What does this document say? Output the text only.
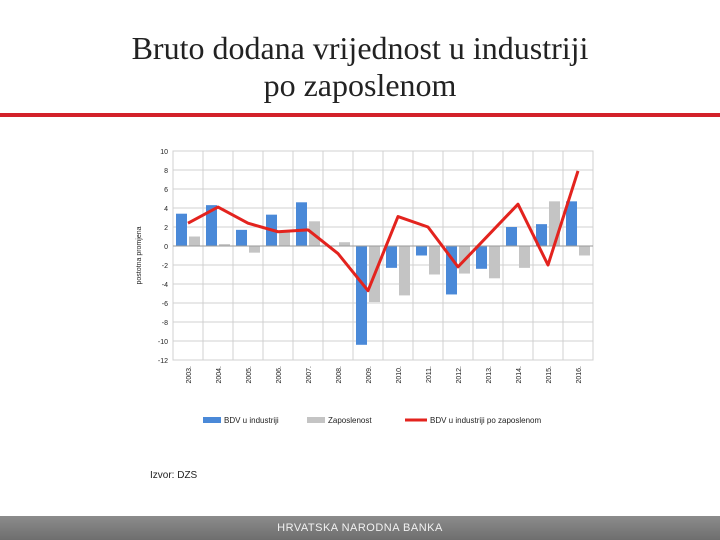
Bruto dodana vrijednost u industriji
po zaposlenom
10
8
6
4
2
0
-2
-4
-6
-8
-10
-12
postotna promjena
2003.	2004.	2005.	2006.	2007.	2008.	2009.	2010.	2011.	2012.	2013.	2014.	2015.	2016.
BDV u industriji	Zaposlenost	BDV u industriji po zaposlenom
Izvor: DZS
HRVATSKA NARODNA BANKA
